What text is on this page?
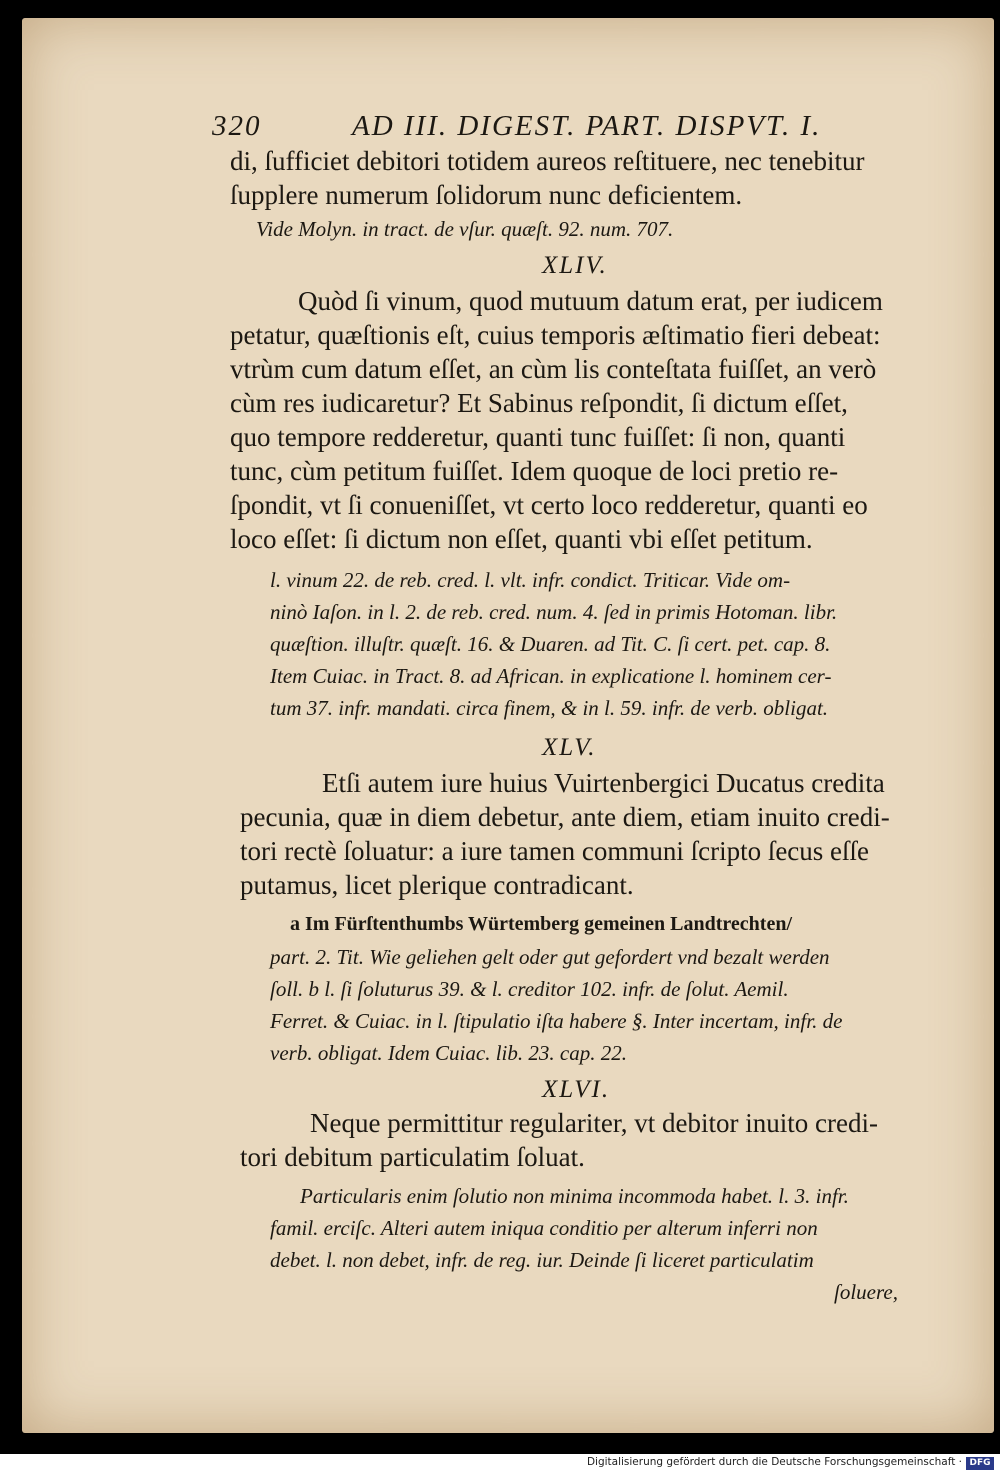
320	AD III. DIGEST. PART. DISPVT. I.
di, ſufficiet debitori totidem aureos reſtituere, nec tenebitur
ſupplere numerum ſolidorum nunc deficientem.
Vide Molyn. in tract. de vſur. quæſt. 92. num. 707.
XLIV.
Quòd ſi vinum, quod mutuum datum erat, per iudicem
petatur, quæſtionis eſt, cuius temporis æſtimatio fieri debeat:
vtrùm cum datum eſſet, an cùm lis conteſtata fuiſſet, an verò
cùm res iudicaretur? Et Sabinus reſpondit, ſi dictum eſſet,
quo tempore redderetur, quanti tunc fuiſſet: ſi non, quanti
tunc, cùm petitum fuiſſet. Idem quoque de loci pretio re-
ſpondit, vt ſi conueniſſet, vt certo loco redderetur, quanti eo
loco eſſet: ſi dictum non eſſet, quanti vbi eſſet petitum.
l. vinum 22. de reb. cred. l. vlt. infr. condict. Triticar. Vide om-
ninò Iaſon. in l. 2. de reb. cred. num. 4. ſed in primis Hotoman. libr.
quæſtion. illuſtr. quæſt. 16. & Duaren. ad Tit. C. ſi cert. pet. cap. 8.
Item Cuiac. in Tract. 8. ad African. in explicatione l. hominem cer-
tum 37. infr. mandati. circa finem, & in l. 59. infr. de verb. obligat.
XLV.
Etſi autem iure huius Vuirtenbergici Ducatus credita
pecunia, quæ in diem debetur, ante diem, etiam inuito credi-
tori rectè ſoluatur: a iure tamen communi ſcripto ſecus eſſe
putamus, licet plerique contradicant.
a Im Fürſtenthumbs Würtemberg gemeinen Landtrechten/
part. 2. Tit. Wie geliehen gelt oder gut gefordert vnd bezalt werden
ſoll. b l. ſi ſoluturus 39. & l. creditor 102. infr. de ſolut. Aemil.
Ferret. & Cuiac. in l. ſtipulatio iſta habere §. Inter incertam, infr. de
verb. obligat. Idem Cuiac. lib. 23. cap. 22.
XLVI.
Neque permittitur regulariter, vt debitor inuito credi-
tori debitum particulatim ſoluat.
Particularis enim ſolutio non minima incommoda habet. l. 3. infr.
famil. erciſc. Alteri autem iniqua conditio per alterum inferri non
debet. l. non debet, infr. de reg. iur. Deinde ſi liceret particulatim
ſoluere,
Digitalisierung gefördert durch die Deutsche Forschungsgemeinschaft · DFG
